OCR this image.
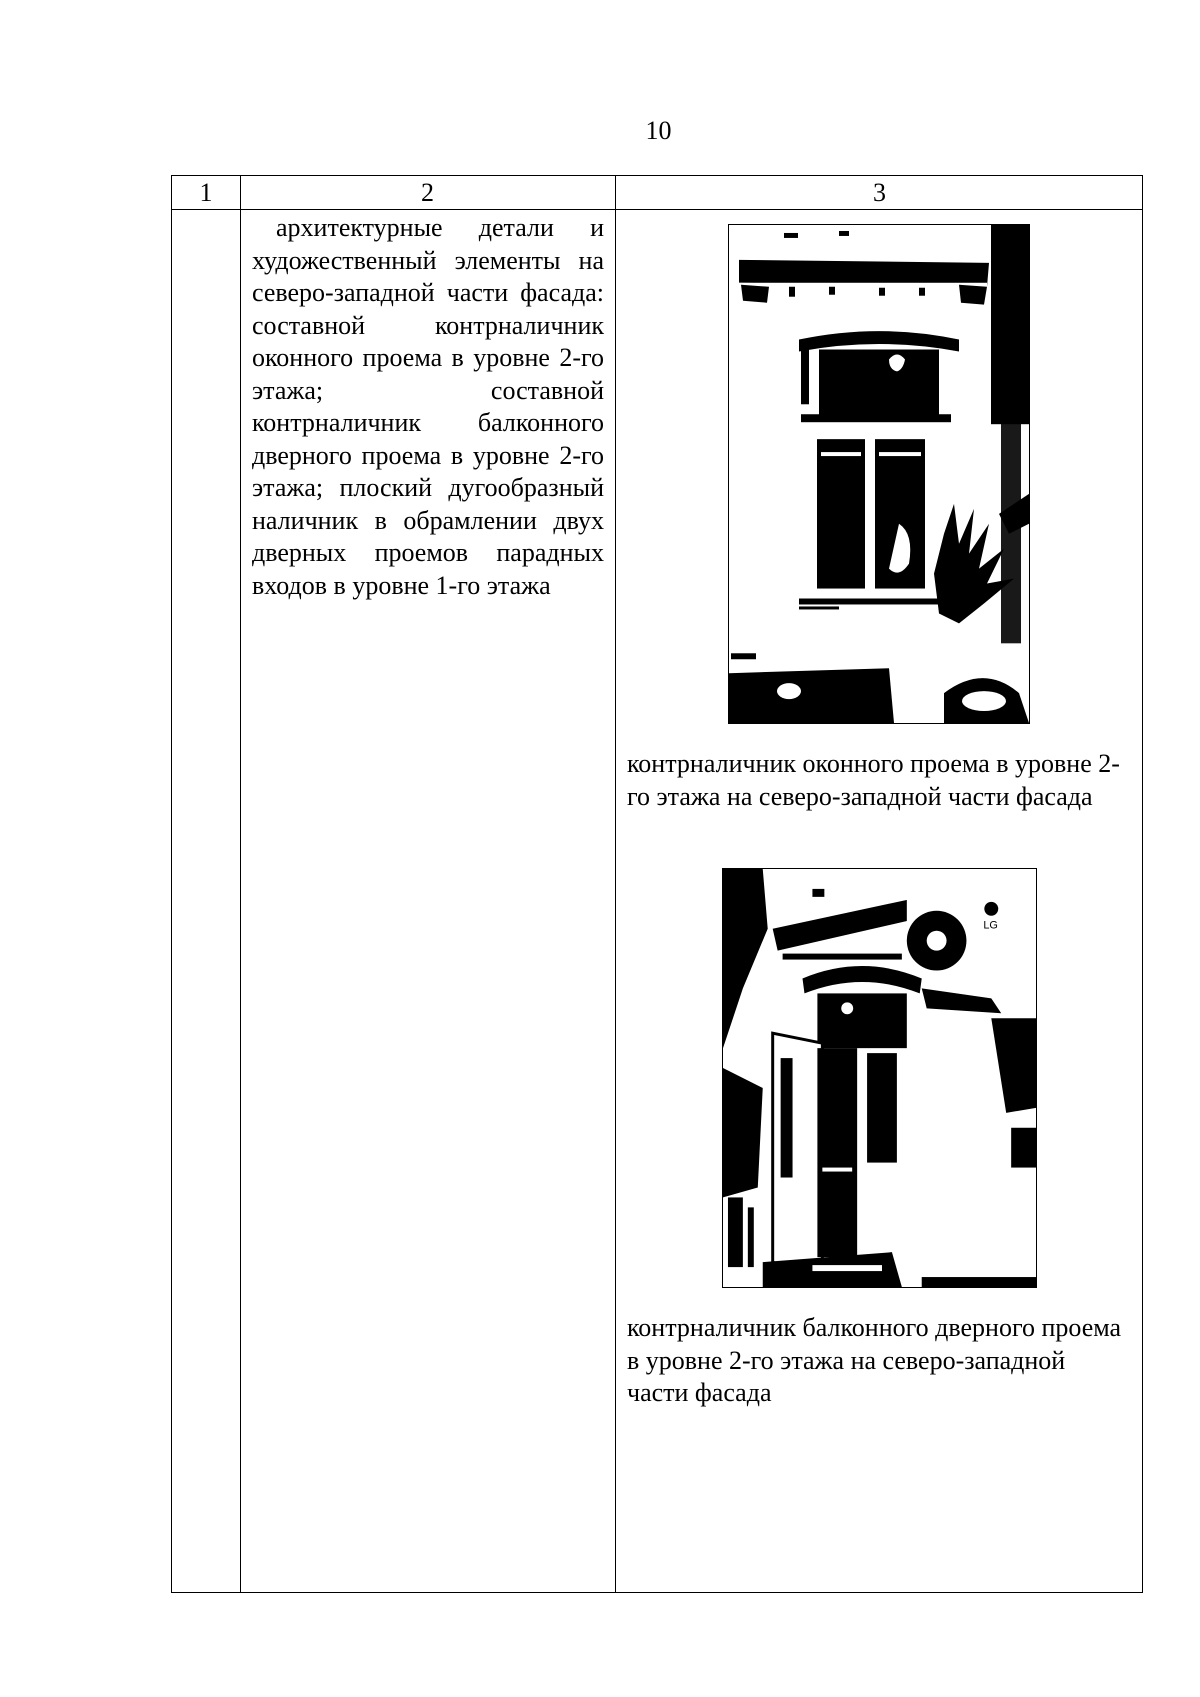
10
1	2	3

архитектурные детали и художественный элементы на северо-западной части фасада: составной контрналичник оконного проема в уровне 2-го этажа; составной контрналичник балконного дверного проема в уровне 2-го этажа; плоский дугообразный наличник в обрамлении двух дверных проемов парадных входов в уровне 1-го этажа

контрналичник оконного проема в уровне 2-го этажа на северо-западной части фасада
LG
контрналичник балконного дверного проема в уровне 2-го этажа на северо-западной части фасада
